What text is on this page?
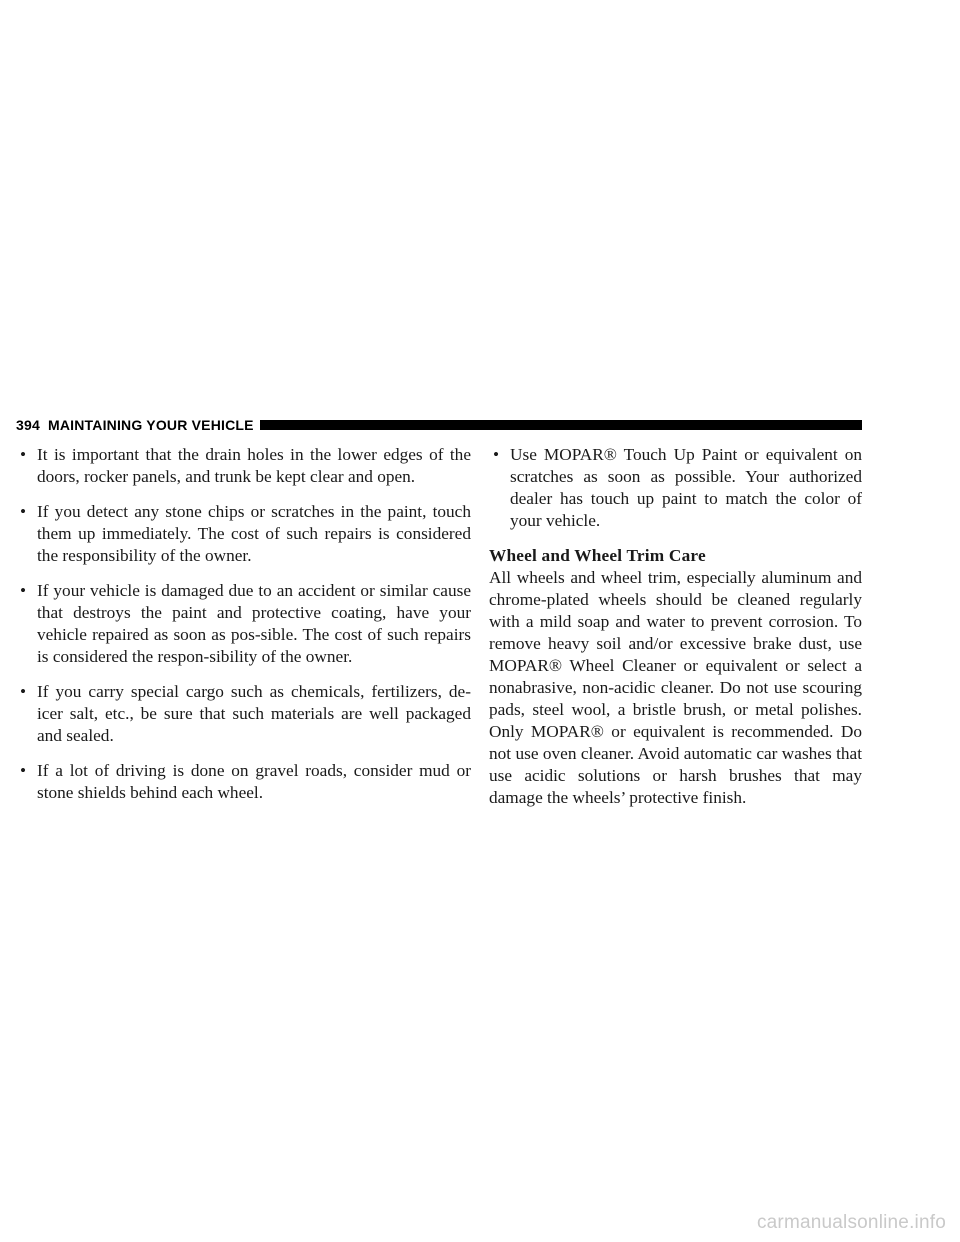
394 MAINTAINING YOUR VEHICLE
• It is important that the drain holes in the lower edges of the doors, rocker panels, and trunk be kept clear and open.
• If you detect any stone chips or scratches in the paint, touch them up immediately. The cost of such repairs is considered the responsibility of the owner.
• If your vehicle is damaged due to an accident or similar cause that destroys the paint and protective coating, have your vehicle repaired as soon as pos-sible. The cost of such repairs is considered the respon-sibility of the owner.
• If you carry special cargo such as chemicals, fertilizers, de-icer salt, etc., be sure that such materials are well packaged and sealed.
• If a lot of driving is done on gravel roads, consider mud or stone shields behind each wheel.
• Use MOPAR® Touch Up Paint or equivalent on scratches as soon as possible. Your authorized dealer has touch up paint to match the color of your vehicle.
Wheel and Wheel Trim Care

All wheels and wheel trim, especially aluminum and chrome-plated wheels should be cleaned regularly with a mild soap and water to prevent corrosion. To remove heavy soil and/or excessive brake dust, use MOPAR® Wheel Cleaner or equivalent or select a nonabrasive, non-acidic cleaner. Do not use scouring pads, steel wool, a bristle brush, or metal polishes. Only MOPAR® or equivalent is recommended. Do not use oven cleaner. Avoid automatic car washes that use acidic solutions or harsh brushes that may damage the wheels’ protective finish.

carmanualsonline.info
